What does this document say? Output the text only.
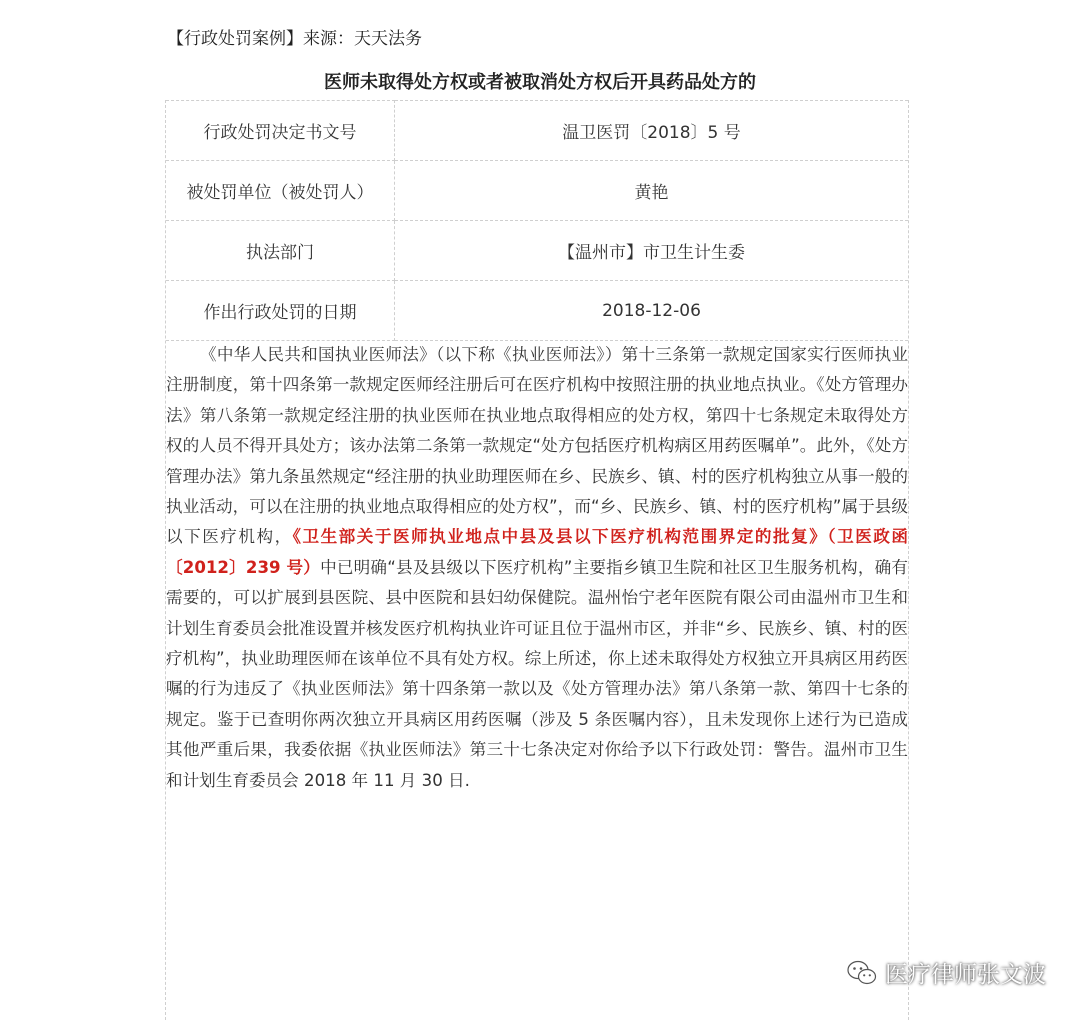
【行政处罚案例】来源：天天法务
医师未取得处方权或者被取消处方权后开具药品处方的
行政处罚决定书文号	温卫医罚〔2018〕5 号
被处罚单位（被处罚人）	黄艳
执法部门	【温州市】市卫生计生委
作出行政处罚的日期	2018-12-06

《中华人民共和国执业医师法》（以下称《执业医师法》）第十三条第一款规定国家实行医师执业注册制度，第十四条第一款规定医师经注册后可在医疗机构中按照注册的执业地点执业。《处方管理办法》第八条第一款规定经注册的执业医师在执业地点取得相应的处方权，第四十七条规定未取得处方权的人员不得开具处方；该办法第二条第一款规定“处方包括医疗机构病区用药医嘱单”。此外，《处方管理办法》第九条虽然规定“经注册的执业助理医师在乡、民族乡、镇、村的医疗机构独立从事一般的执业活动，可以在注册的执业地点取得相应的处方权”，而“乡、民族乡、镇、村的医疗机构”属于县级以下医疗机构，《卫生部关于医师执业地点中县及县以下医疗机构范围界定的批复》（卫医政函〔2012〕239 号）中已明确“县及县级以下医疗机构”主要指乡镇卫生院和社区卫生服务机构，确有需要的，可以扩展到县医院、县中医院和县妇幼保健院。温州怡宁老年医院有限公司由温州市卫生和计划生育委员会批准设置并核发医疗机构执业许可证且位于温州市区，并非“乡、民族乡、镇、村的医疗机构”，执业助理医师在该单位不具有处方权。综上所述，你上述未取得处方权独立开具病区用药医嘱的行为违反了《执业医师法》第十四条第一款以及《处方管理办法》第八条第一款、第四十七条的规定。鉴于已查明你两次独立开具病区用药医嘱（涉及 5 条医嘱内容），且未发现你上述行为已造成其他严重后果，我委依据《执业医师法》第三十七条决定对你给予以下行政处罚：警告。温州市卫生和计划生育委员会 2018 年 11 月 30 日.

医疗律师张文波
